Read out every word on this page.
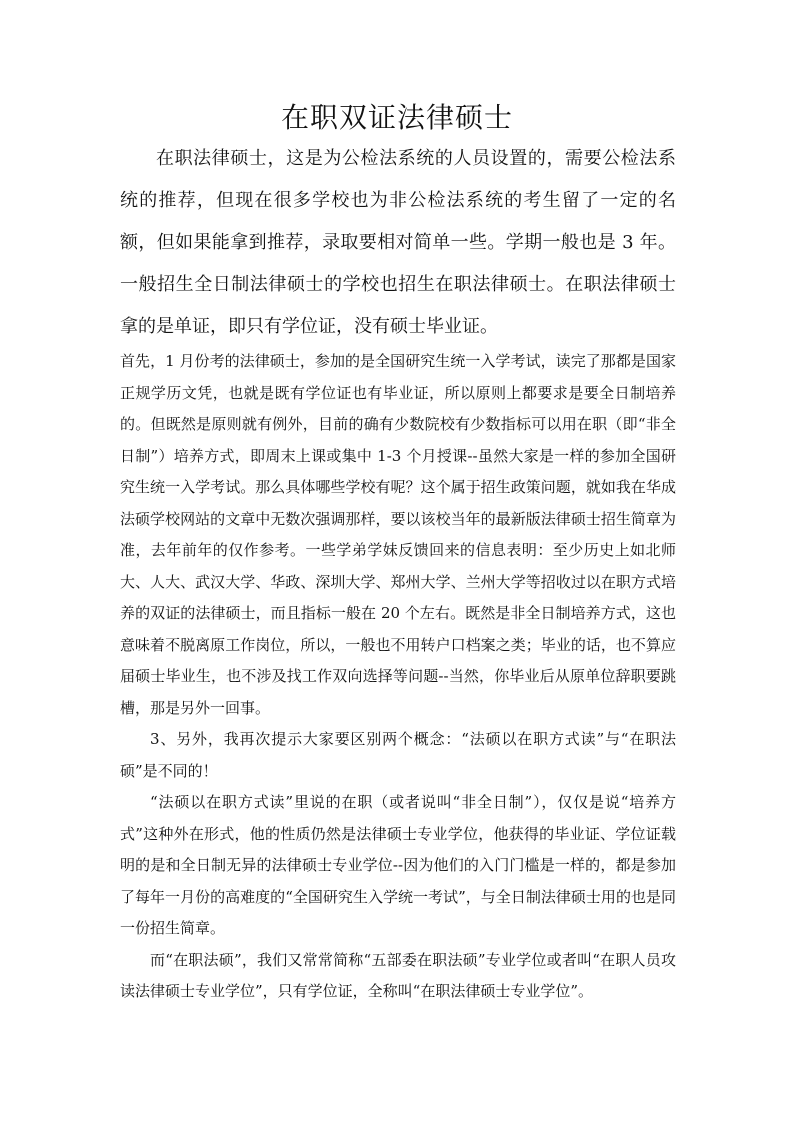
在职双证法律硕士

在职法律硕士，这是为公检法系统的人员设置的，需要公检法系统的推荐，但现在很多学校也为非公检法系统的考生留了一定的名额，但如果能拿到推荐，录取要相对简单一些。学期一般也是 3 年。一般招生全日制法律硕士的学校也招生在职法律硕士。在职法律硕士拿的是单证，即只有学位证，没有硕士毕业证。

首先，1 月份考的法律硕士，参加的是全国研究生统一入学考试，读完了那都是国家正规学历文凭，也就是既有学位证也有毕业证，所以原则上都要求是要全日制培养的。但既然是原则就有例外，目前的确有少数院校有少数指标可以用在职（即“非全日制”）培养方式，即周末上课或集中 1-3 个月授课--虽然大家是一样的参加全国研究生统一入学考试。那么具体哪些学校有呢？这个属于招生政策问题，就如我在华成法硕学校网站的文章中无数次强调那样，要以该校当年的最新版法律硕士招生简章为准，去年前年的仅作参考。一些学弟学妹反馈回来的信息表明：至少历史上如北师大、人大、武汉大学、华政、深圳大学、郑州大学、兰州大学等招收过以在职方式培养的双证的法律硕士，而且指标一般在 20 个左右。既然是非全日制培养方式，这也意味着不脱离原工作岗位，所以，一般也不用转户口档案之类；毕业的话，也不算应届硕士毕业生，也不涉及找工作双向选择等问题--当然，你毕业后从原单位辞职要跳槽，那是另外一回事。

3、另外，我再次提示大家要区别两个概念：“法硕以在职方式读”与“在职法硕”是不同的！

“法硕以在职方式读”里说的在职（或者说叫“非全日制”），仅仅是说“培养方式”这种外在形式，他的性质仍然是法律硕士专业学位，他获得的毕业证、学位证载明的是和全日制无异的法律硕士专业学位--因为他们的入门门槛是一样的，都是参加了每年一月份的高难度的“全国研究生入学统一考试”，与全日制法律硕士用的也是同一份招生简章。

而“在职法硕”，我们又常常简称“五部委在职法硕”专业学位或者叫“在职人员攻读法律硕士专业学位”，只有学位证，全称叫“在职法律硕士专业学位”。
